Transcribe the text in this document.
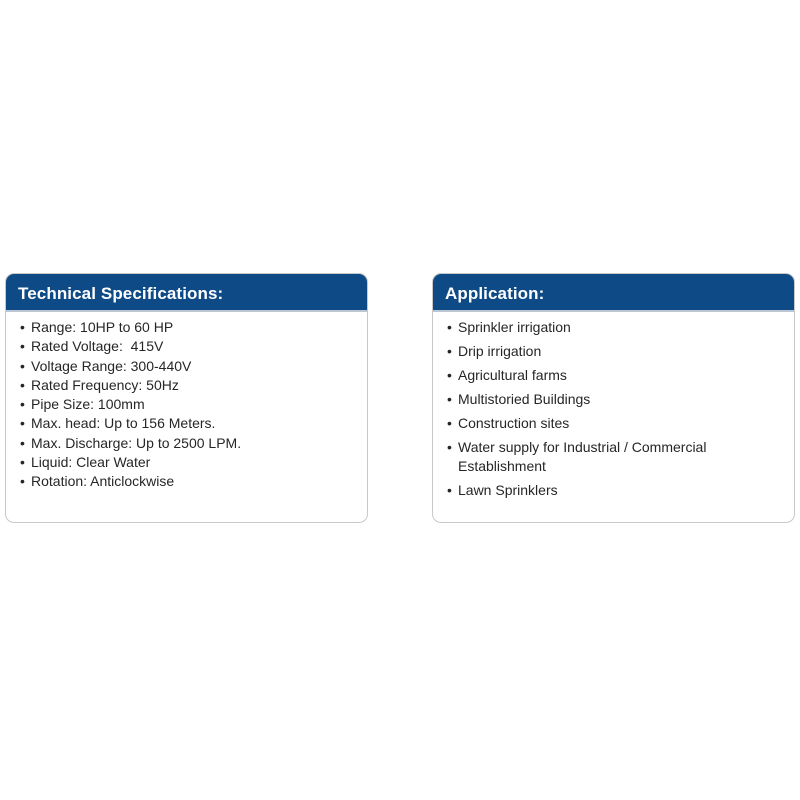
Technical Specifications:
• Range: 10HP to 60 HP
• Rated Voltage:  415V
• Voltage Range: 300-440V
• Rated Frequency: 50Hz
• Pipe Size: 100mm
• Max. head: Up to 156 Meters.
• Max. Discharge: Up to 2500 LPM.
• Liquid: Clear Water
• Rotation: Anticlockwise
Application:
• Sprinkler irrigation
• Drip irrigation
• Agricultural farms
• Multistoried Buildings
• Construction sites
• Water supply for Industrial / Commercial Establishment
• Lawn Sprinklers
